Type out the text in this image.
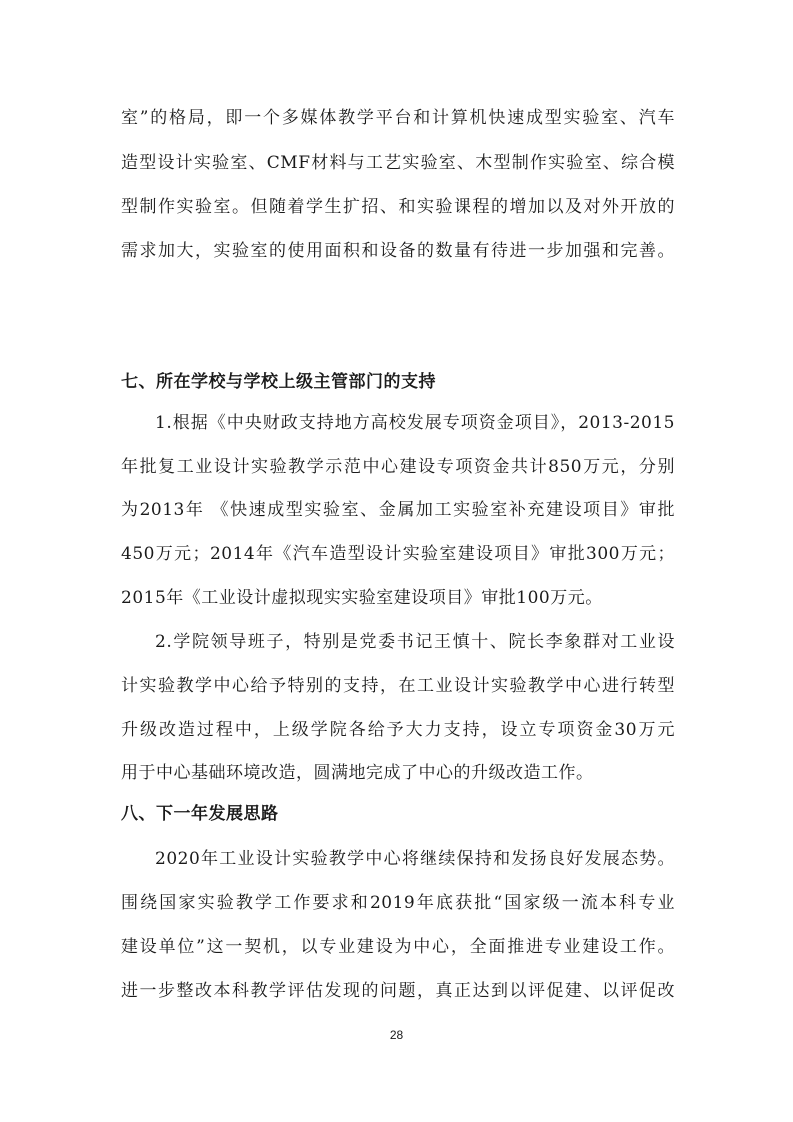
室”的格局，即一个多媒体教学平台和计算机快速成型实验室、汽车
造型设计实验室、CMF材料与工艺实验室、木型制作实验室、综合模
型制作实验室。但随着学生扩招、和实验课程的增加以及对外开放的
需求加大，实验室的使用面积和设备的数量有待进一步加强和完善。
七、所在学校与学校上级主管部门的支持
1.根据《中央财政支持地方高校发展专项资金项目》，2013-2015
年批复工业设计实验教学示范中心建设专项资金共计850万元，分别
为2013年 《快速成型实验室、金属加工实验室补充建设项目》审批
450万元；2014年《汽车造型设计实验室建设项目》审批300万元；
2015年《工业设计虚拟现实实验室建设项目》审批100万元。
2.学院领导班子，特别是党委书记王慎十、院长李象群对工业设
计实验教学中心给予特别的支持，在工业设计实验教学中心进行转型
升级改造过程中，上级学院各给予大力支持，设立专项资金30万元
用于中心基础环境改造，圆满地完成了中心的升级改造工作。
八、下一年发展思路
2020年工业设计实验教学中心将继续保持和发扬良好发展态势。
围绕国家实验教学工作要求和2019年底获批“国家级一流本科专业
建设单位”这一契机，以专业建设为中心，全面推进专业建设工作。
进一步整改本科教学评估发现的问题，真正达到以评促建、以评促改
28
